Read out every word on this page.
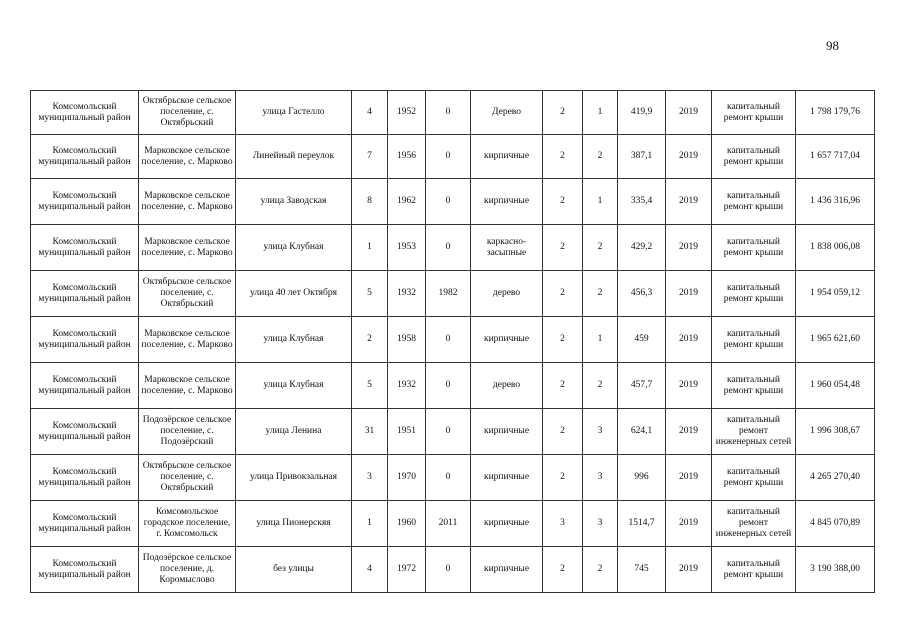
98
Комсомольский муниципальный район	Октябрьское сельское поселение, с. Октябрьский	улица Гастелло	4	1952	0	Дерево	2	1	419,9	2019	капитальный ремонт крыши	1 798 179,76
Комсомольский муниципальный район	Марковское сельское поселение, с. Марково	Линейный переулок	7	1956	0	кирпичные	2	2	387,1	2019	капитальный ремонт крыши	1 657 717,04
Комсомольский муниципальный район	Марковское сельское поселение, с. Марково	улица Заводская	8	1962	0	кирпичные	2	1	335,4	2019	капитальный ремонт крыши	1 436 316,96
Комсомольский муниципальный район	Марковское сельское поселение, с. Марково	улица Клубная	1	1953	0	каркасно-засыпные	2	2	429,2	2019	капитальный ремонт крыши	1 838 006,08
Комсомольский муниципальный район	Октябрьское сельское поселение, с. Октябрьский	улица 40 лет Октября	5	1932	1982	дерево	2	2	456,3	2019	капитальный ремонт крыши	1 954 059,12
Комсомольский муниципальный район	Марковское сельское поселение, с. Марково	улица Клубная	2	1958	0	кирпичные	2	1	459	2019	капитальный ремонт крыши	1 965 621,60
Комсомольский муниципальный район	Марковское сельское поселение, с. Марково	улица Клубная	5	1932	0	дерево	2	2	457,7	2019	капитальный ремонт крыши	1 960 054,48
Комсомольский муниципальный район	Подозёрское сельское поселение, с. Подозёрский	улица Ленина	31	1951	0	кирпичные	2	3	624,1	2019	капитальный ремонт инженерных сетей	1 996 308,67
Комсомольский муниципальный район	Октябрьское сельское поселение, с. Октябрьский	улица Привокзальная	3	1970	0	кирпичные	2	3	996	2019	капитальный ремонт крыши	4 265 270,40
Комсомольский муниципальный район	Комсомольское городское поселение, г. Комсомольск	улица Пионерскяя	1	1960	2011	кирпичные	3	3	1514,7	2019	капитальный ремонт инженерных сетей	4 845 070,89
Комсомольский муниципальный район	Подозёрское сельское поселение, д. Коромыслово	без улицы	4	1972	0	кирпичные	2	2	745	2019	капитальный ремонт крыши	3 190 388,00
